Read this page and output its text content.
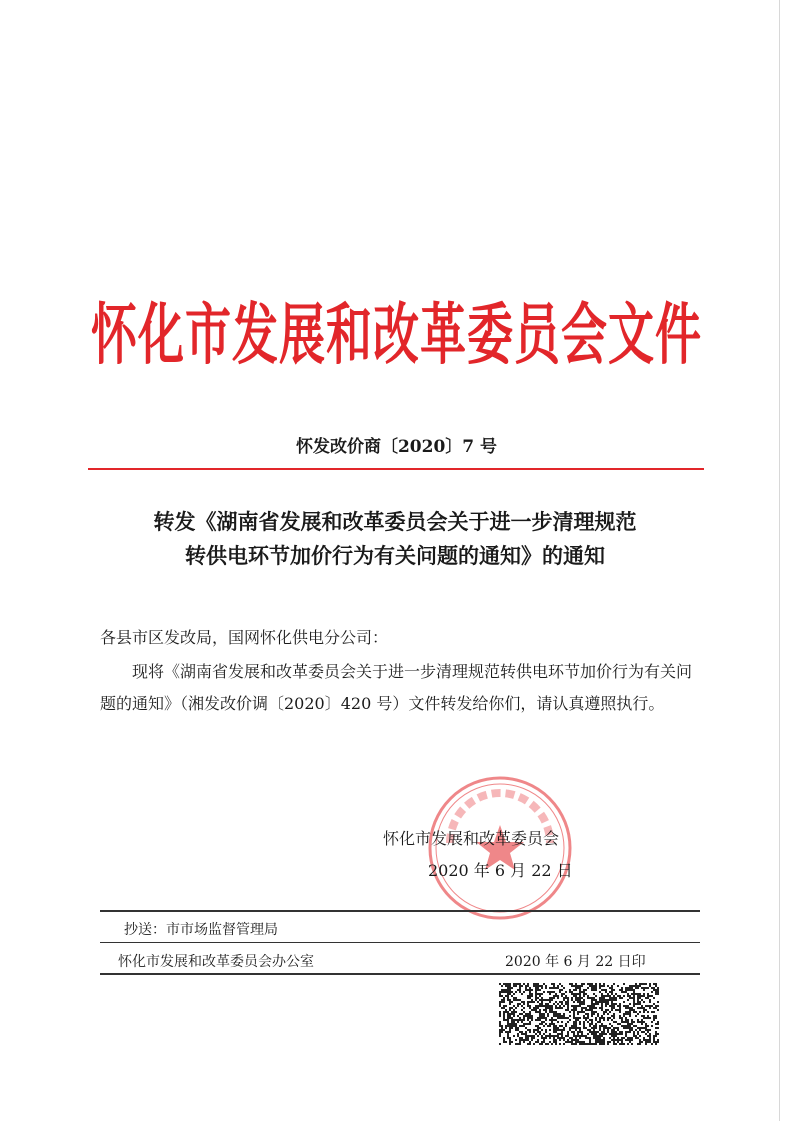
怀化市发展和改革委员会文件
怀发改价商〔2020〕7 号
转发《湖南省发展和改革委员会关于进一步清理规范
转供电环节加价行为有关问题的通知》的通知
各县市区发改局，国网怀化供电分公司：
现将《湖南省发展和改革委员会关于进一步清理规范转供电环节加价行为有关问题的通知》（湘发改价调〔2020〕420 号）文件转发给你们，请认真遵照执行。
怀化市发展和改革委员会
2020 年 6 月 22 日
抄送：市市场监督管理局
怀化市发展和改革委员会办公室	2020 年 6 月 22 日印
